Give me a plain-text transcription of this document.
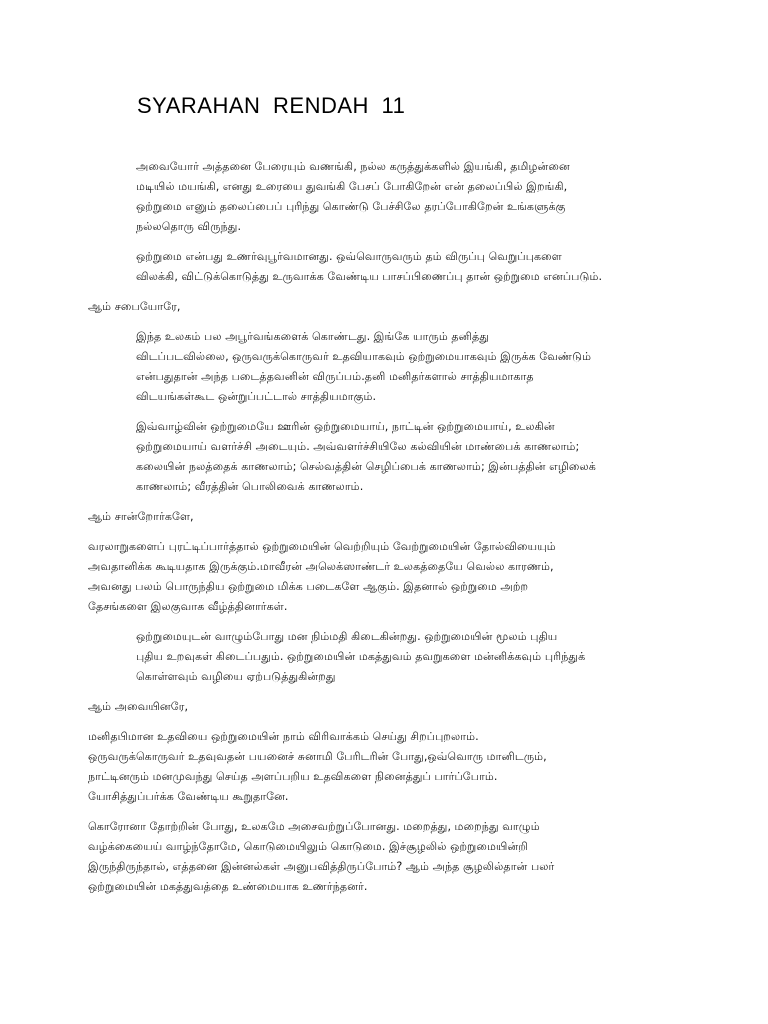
SYARAHAN RENDAH 11

அவையோர் அத்தனை பேரையும் வணங்கி, நல்ல கருத்துக்களில் இயங்கி, தமிழன்னை
மடியில் மயங்கி, எனது உரையை துவங்கி பேசப் போகிறேன் என் தலைப்பில் இறங்கி,
ஒற்றுமை எனும் தலைப்பைப் புரிந்து கொண்டு பேச்சிலே தரப்போகிறேன் உங்களுக்கு
நல்லதொரு விருந்து.

ஒற்றுமை என்பது உணர்வுபூர்வமானது. ஒவ்வொருவரும் தம் விருப்பு வெறுப்புகளை
விலக்கி, விட்டுக்கொடுத்து உருவாக்க வேண்டிய பாசப்பிணைப்பு தான் ஒற்றுமை எனப்படும்.

ஆம் சபையோரே,

இந்த உலகம் பல அபூர்வங்களைக் கொண்டது. இங்கே யாரும் தனித்து
விடப்படவில்லை, ஒருவருக்கொருவர் உதவியாகவும் ஒற்றுமையாகவும் இருக்க வேண்டும்
என்பதுதான் அந்த படைத்தவனின் விருப்பம்.தனி மனிதர்களால் சாத்தியமாகாத
விடயங்கள்கூட ஒன்றுப்பட்டால் சாத்தியமாகும்.

இவ்வாழ்வின் ஒற்றுமையே ஊரின் ஒற்றுமையாய், நாட்டின் ஒற்றுமையாய், உலகின்
ஒற்றுமையாய் வளர்ச்சி அடையும். அவ்வளர்ச்சியிலே கல்வியின் மாண்பைக் காணலாம்;
கலையின் நலத்தைக் காணலாம்; செல்வத்தின் செழிப்பைக் காணலாம்; இன்பத்தின் எழிலைக்
காணலாம்; வீரத்தின் பொலிவைக் காணலாம்.

ஆம் சான்றோர்களே,

வரலாறுகளைப் புரட்டிப்பார்த்தால் ஒற்றுமையின் வெற்றியும் வேற்றுமையின் தோல்வியையும்
அவதானிக்க கூடியதாக இருக்கும்.மாவீரன் அலெக்ஸாண்டர் உலகத்தையே வெல்ல காரணம்,
அவனது பலம் பொருந்திய ஒற்றுமை மிக்க படைகளே ஆகும். இதனால் ஒற்றுமை அற்ற
தேசங்களை இலகுவாக வீழ்த்தினார்கள்.

ஒற்றுமையுடன் வாழும்போது மன நிம்மதி கிடைகின்றது. ஒற்றுமையின் மூலம் புதிய
புதிய உறவுகள் கிடைப்பதும். ஒற்றுமையின் மகத்துவம் தவறுகளை மன்னிக்கவும் புரிந்துக்
கொள்ளவும் வழியை ஏற்படுத்துகின்றது

ஆம் அவையினரே,

மனிதபிமான உதவியை ஒற்றுமையின் நாம் விரிவாக்கம் செய்து சிறப்புறலாம்.
ஒருவருக்கொருவர் உதவுவதன் பயனைச் சுனாமி பேரிடரின் போது,ஒவ்வொரு மானிடரும்,
நாட்டினரும் மனமுவந்து செய்த அளப்பறிய உதவிகளை நினைத்துப் பார்ப்போம்.
யோசித்துப்பர்க்க வேண்டிய கூறுதானே.

கொரோனா தோற்றின் போது, உலகமே அசைவற்றுப்போனது. மறைத்து, மறைந்து வாழும்
வழ்க்கையைய் வாழ்ந்தோமே, கொடுமையிலும் கொடுமை. இச்சூழலில் ஒற்றுமையின்றி
இருந்திருந்தால், எத்தனை இன்னல்கள் அனுபவித்திருப்போம்? ஆம் அந்த சூழலில்தான் பலர்
ஒற்றுமையின் மகத்துவத்தை உண்மையாக உணர்ந்தனர்.
